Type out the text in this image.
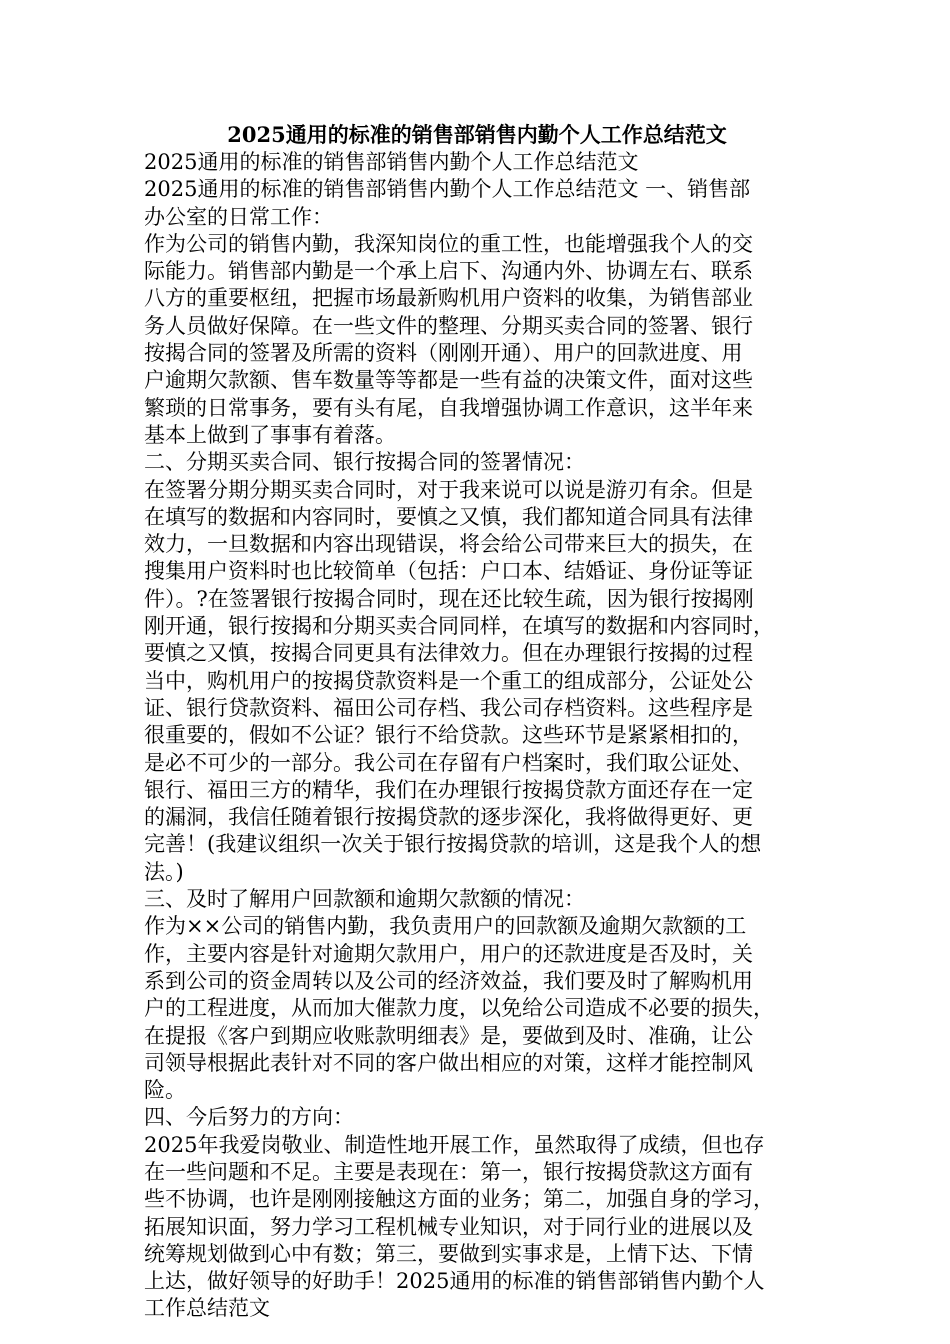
2025通用的标准的销售部销售内勤个人工作总结范文
2025通用的标准的销售部销售内勤个人工作总结范文
2025通用的标准的销售部销售内勤个人工作总结范文 一、销售部
办公室的日常工作：
作为公司的销售内勤，我深知岗位的重工性，也能增强我个人的交
际能力。销售部内勤是一个承上启下、沟通内外、协调左右、联系
八方的重要枢纽，把握市场最新购机用户资料的收集，为销售部业
务人员做好保障。在一些文件的整理、分期买卖合同的签署、银行
按揭合同的签署及所需的资料（刚刚开通）、用户的回款进度、用
户逾期欠款额、售车数量等等都是一些有益的决策文件，面对这些
繁琐的日常事务，要有头有尾，自我增强协调工作意识，这半年来
基本上做到了事事有着落。
二、分期买卖合同、银行按揭合同的签署情况：
在签署分期分期买卖合同时，对于我来说可以说是游刃有余。但是
在填写的数据和内容同时，要慎之又慎，我们都知道合同具有法律
效力，一旦数据和内容出现错误，将会给公司带来巨大的损失，在
搜集用户资料时也比较简单（包括：户口本、结婚证、身份证等证
件）。?在签署银行按揭合同时，现在还比较生疏，因为银行按揭刚
刚开通，银行按揭和分期买卖合同同样，在填写的数据和内容同时，
要慎之又慎，按揭合同更具有法律效力。但在办理银行按揭的过程
当中，购机用户的按揭贷款资料是一个重工的组成部分，公证处公
证、银行贷款资料、福田公司存档、我公司存档资料。这些程序是
很重要的，假如不公证？银行不给贷款。这些环节是紧紧相扣的，
是必不可少的一部分。我公司在存留有户档案时，我们取公证处、
银行、福田三方的精华，我们在办理银行按揭贷款方面还存在一定
的漏洞，我信任随着银行按揭贷款的逐步深化，我将做得更好、更
完善！(我建议组织一次关于银行按揭贷款的培训，这是我个人的想
法。)
三、及时了解用户回款额和逾期欠款额的情况：
作为××公司的销售内勤，我负责用户的回款额及逾期欠款额的工
作，主要内容是针对逾期欠款用户，用户的还款进度是否及时，关
系到公司的资金周转以及公司的经济效益，我们要及时了解购机用
户的工程进度，从而加大催款力度，以免给公司造成不必要的损失，
在提报《客户到期应收账款明细表》是，要做到及时、准确，让公
司领导根据此表针对不同的客户做出相应的对策，这样才能控制风
险。
四、今后努力的方向：
2025年我爱岗敬业、制造性地开展工作，虽然取得了成绩，但也存
在一些问题和不足。主要是表现在：第一，银行按揭贷款这方面有
些不协调，也许是刚刚接触这方面的业务；第二，加强自身的学习，
拓展知识面，努力学习工程机械专业知识，对于同行业的进展以及
统筹规划做到心中有数；第三，要做到实事求是，上情下达、下情
上达，做好领导的好助手！2025通用的标准的销售部销售内勤个人
工作总结范文
